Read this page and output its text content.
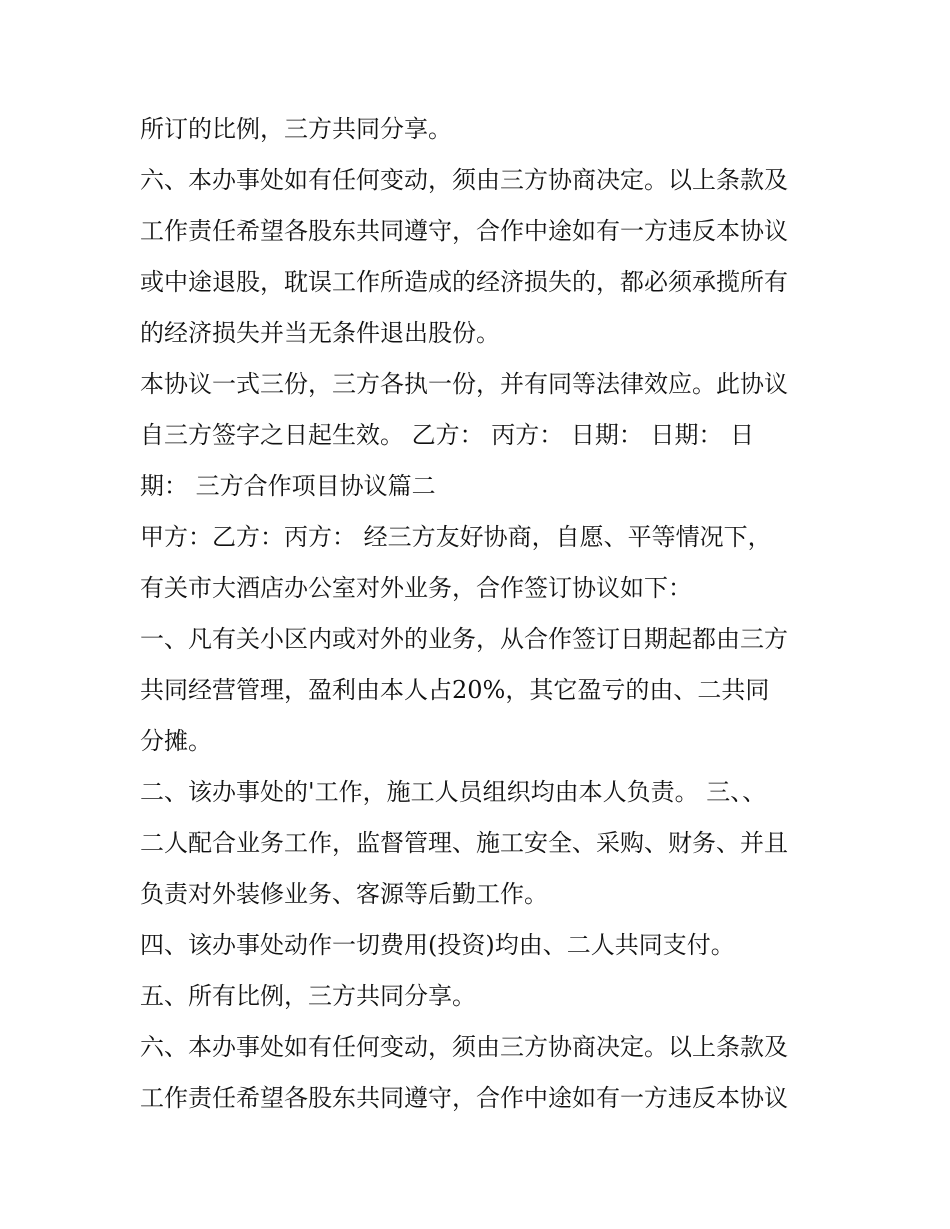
所订的比例，三方共同分享。
六、本办事处如有任何变动，须由三方协商决定。以上条款及
工作责任希望各股东共同遵守，合作中途如有一方违反本协议
或中途退股，耽误工作所造成的经济损失的，都必须承揽所有
的经济损失并当无条件退出股份。
本协议一式三份，三方各执一份，并有同等法律效应。此协议
自三方签字之日起生效。 乙方： 丙方： 日期： 日期： 日
期： 三方合作项目协议篇二
甲方：乙方：丙方： 经三方友好协商，自愿、平等情况下，
有关市大酒店办公室对外业务，合作签订协议如下：
一、凡有关小区内或对外的业务，从合作签订日期起都由三方
共同经营管理，盈利由本人占20%，其它盈亏的由、二共同
分摊。
二、该办事处的'工作，施工人员组织均由本人负责。 三、、
二人配合业务工作，监督管理、施工安全、采购、财务、并且
负责对外装修业务、客源等后勤工作。
四、该办事处动作一切费用(投资)均由、二人共同支付。
五、所有比例，三方共同分享。
六、本办事处如有任何变动，须由三方协商决定。以上条款及
工作责任希望各股东共同遵守，合作中途如有一方违反本协议
